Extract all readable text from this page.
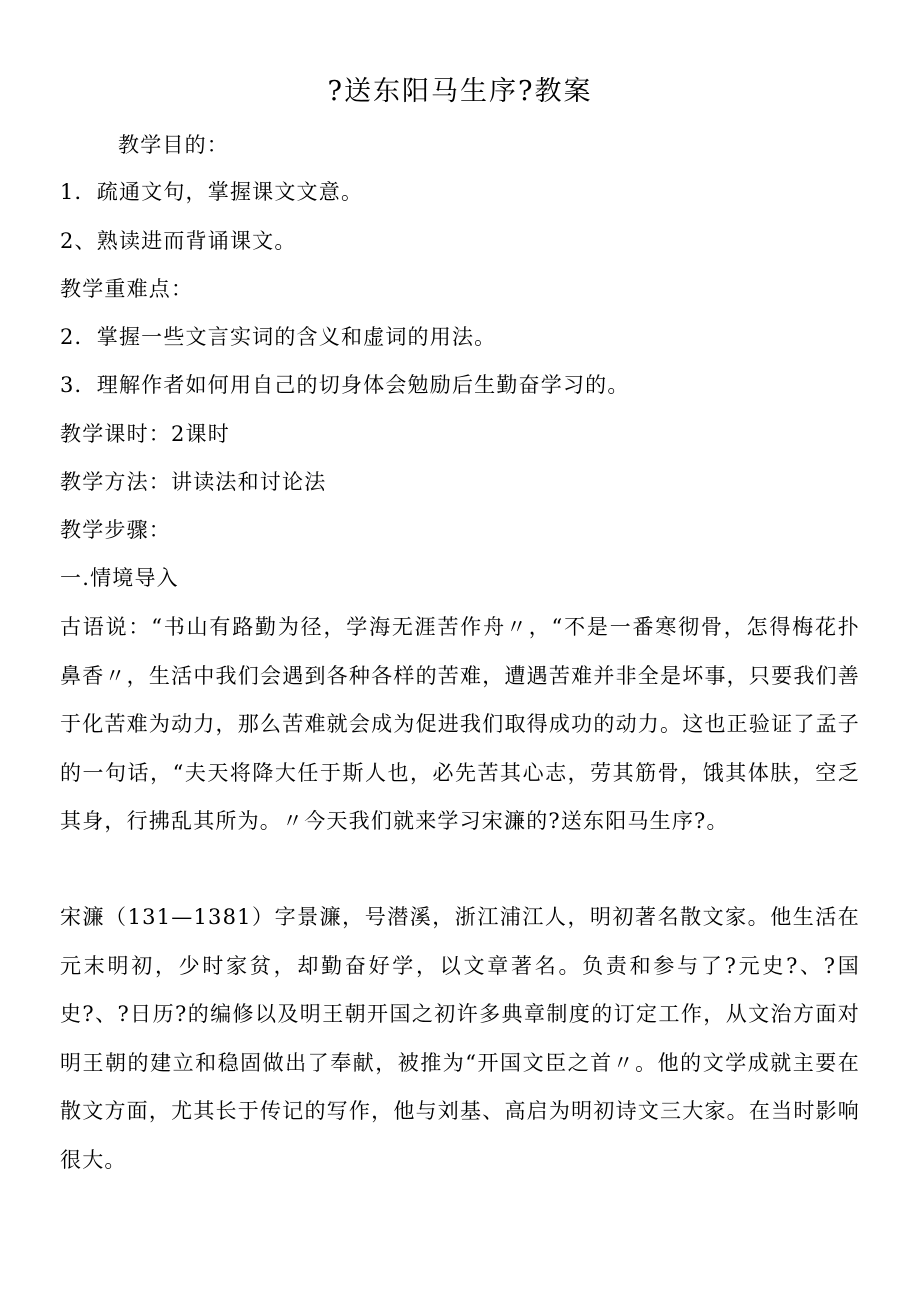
?送东阳马生序?教案

教学目的：

1．疏通文句，掌握课文文意。

2、熟读进而背诵课文。

教学重难点：

2．掌握一些文言实词的含义和虚词的用法。

3．理解作者如何用自己的切身体会勉励后生勤奋学习的。

教学课时：2课时

教学方法：讲读法和讨论法

教学步骤：

一.情境导入

古语说：“书山有路勤为径，学海无涯苦作舟〃，“不是一番寒彻骨，怎得梅花扑鼻香〃，生活中我们会遇到各种各样的苦难，遭遇苦难并非全是坏事，只要我们善于化苦难为动力，那么苦难就会成为促进我们取得成功的动力。这也正验证了孟子的一句话，“夫天将降大任于斯人也，必先苦其心志，劳其筋骨，饿其体肤，空乏其身，行拂乱其所为。〃今天我们就来学习宋濂的?送东阳马生序?。

宋濂（131—1381）字景濂，号潜溪，浙江浦江人，明初著名散文家。他生活在元末明初，少时家贫，却勤奋好学，以文章著名。负责和参与了?元史?、?国史?、?日历?的编修以及明王朝开国之初许多典章制度的订定工作，从文治方面对明王朝的建立和稳固做出了奉献，被推为“开国文臣之首〃。他的文学成就主要在散文方面，尤其长于传记的写作，他与刘基、高启为明初诗文三大家。在当时影响很大。
